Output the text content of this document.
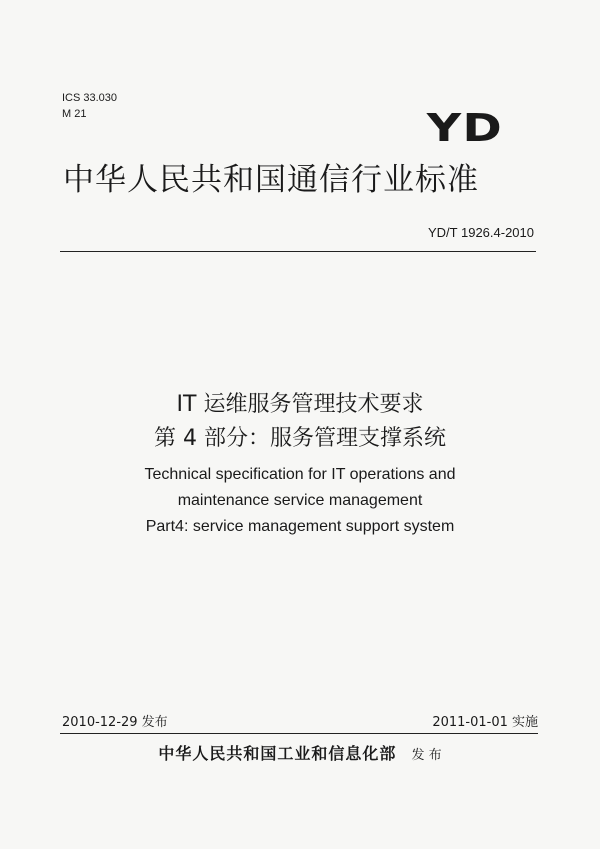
ICS 33.030
M 21	YD
中华人民共和国通信行业标准
YD/T 1926.4-2010
IT 运维服务管理技术要求
第 4 部分：服务管理支撑系统
Technical specification for IT operations and
maintenance service management
Part4: service management support system
2010-12-29 发布	2011-01-01 实施
中华人民共和国工业和信息化部 发 布
